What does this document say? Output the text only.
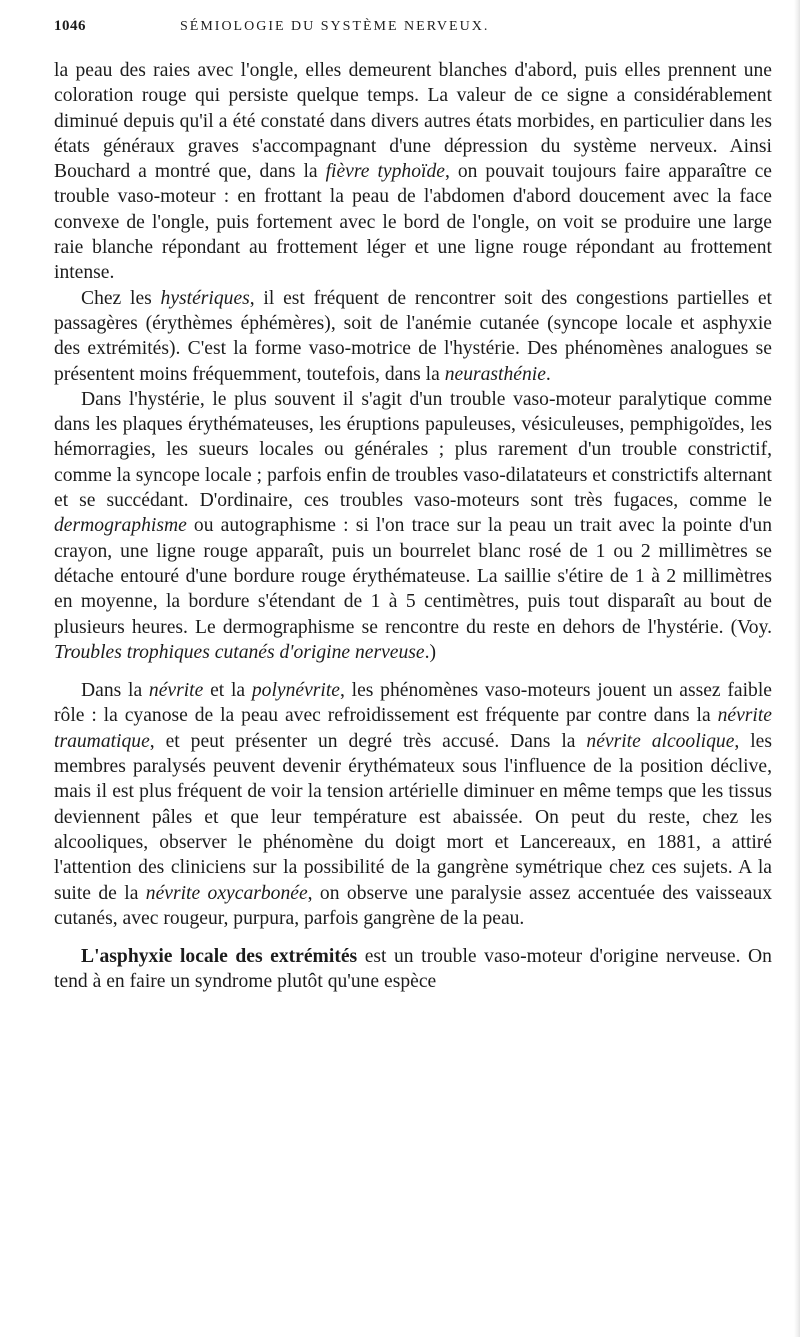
1046	SÉMIOLOGIE DU SYSTÈME NERVEUX.

la peau des raies avec l'ongle, elles demeurent blanches d'abord, puis elles prennent une coloration rouge qui persiste quelque temps. La valeur de ce signe a considérablement diminué depuis qu'il a été constaté dans divers autres états morbides, en particulier dans les états généraux graves s'accompagnant d'une dépression du système nerveux. Ainsi Bouchard a montré que, dans la fièvre typhoïde, on pouvait toujours faire apparaître ce trouble vaso-moteur : en frottant la peau de l'abdomen d'abord doucement avec la face convexe de l'ongle, puis fortement avec le bord de l'ongle, on voit se produire une large raie blanche répondant au frottement léger et une ligne rouge répondant au frottement intense.

Chez les hystériques, il est fréquent de rencontrer soit des congestions partielles et passagères (érythèmes éphémères), soit de l'anémie cutanée (syncope locale et asphyxie des extrémités). C'est la forme vaso-motrice de l'hystérie. Des phénomènes analogues se présentent moins fréquemment, toutefois, dans la neurasthénie.

Dans l'hystérie, le plus souvent il s'agit d'un trouble vaso-moteur paralytique comme dans les plaques érythémateuses, les éruptions papuleuses, vésiculeuses, pemphigoïdes, les hémorragies, les sueurs locales ou générales ; plus rarement d'un trouble constrictif, comme la syncope locale ; parfois enfin de troubles vaso-dilatateurs et constrictifs alternant et se succédant. D'ordinaire, ces troubles vaso-moteurs sont très fugaces, comme le dermographisme ou autographisme : si l'on trace sur la peau un trait avec la pointe d'un crayon, une ligne rouge apparaît, puis un bourrelet blanc rosé de 1 ou 2 millimètres se détache entouré d'une bordure rouge érythémateuse. La saillie s'étire de 1 à 2 millimètres en moyenne, la bordure s'étendant de 1 à 5 centimètres, puis tout disparaît au bout de plusieurs heures. Le dermographisme se rencontre du reste en dehors de l'hystérie. (Voy. Troubles trophiques cutanés d'origine nerveuse.)

Dans la névrite et la polynévrite, les phénomènes vaso-moteurs jouent un assez faible rôle : la cyanose de la peau avec refroidissement est fréquente par contre dans la névrite traumatique, et peut présenter un degré très accusé. Dans la névrite alcoolique, les membres paralysés peuvent devenir érythémateux sous l'influence de la position déclive, mais il est plus fréquent de voir la tension artérielle diminuer en même temps que les tissus deviennent pâles et que leur température est abaissée. On peut du reste, chez les alcooliques, observer le phénomène du doigt mort et Lancereaux, en 1881, a attiré l'attention des cliniciens sur la possibilité de la gangrène symétrique chez ces sujets. A la suite de la névrite oxycarbonée, on observe une paralysie assez accentuée des vaisseaux cutanés, avec rougeur, purpura, parfois gangrène de la peau.

L'asphyxie locale des extrémités est un trouble vaso-moteur d'origine nerveuse. On tend à en faire un syndrome plutôt qu'une espèce
